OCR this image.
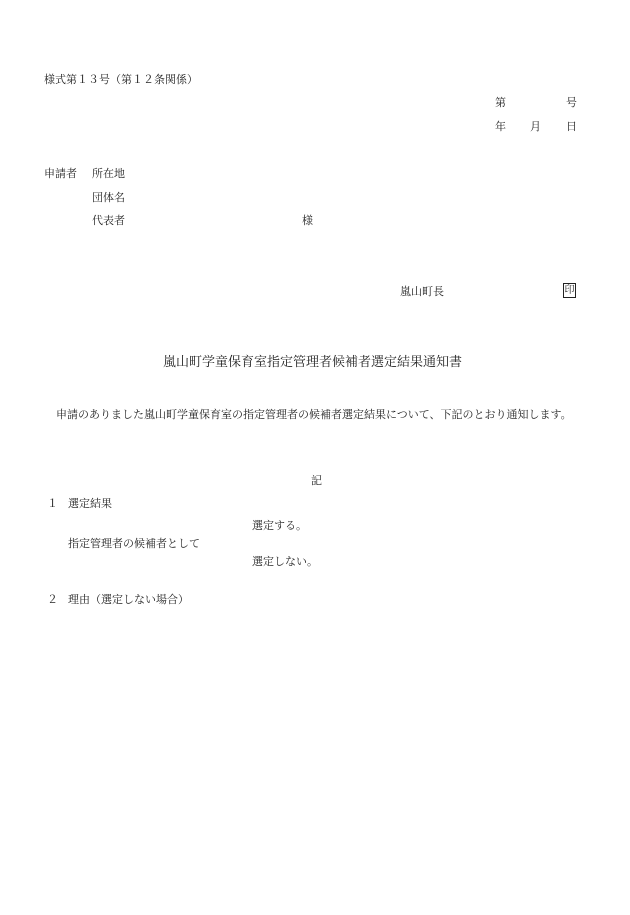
様式第１３号（第１２条関係）
第	号
年 月 日
申請者 所在地
団体名
代表者	様
嵐山町長	印
嵐山町学童保育室指定管理者候補者選定結果通知書
申請のありました嵐山町学童保育室の指定管理者の候補者選定結果について、下記のとおり通知します。
記
１ 選定結果
選定する。
指定管理者の候補者として
選定しない。
２ 理由（選定しない場合）
